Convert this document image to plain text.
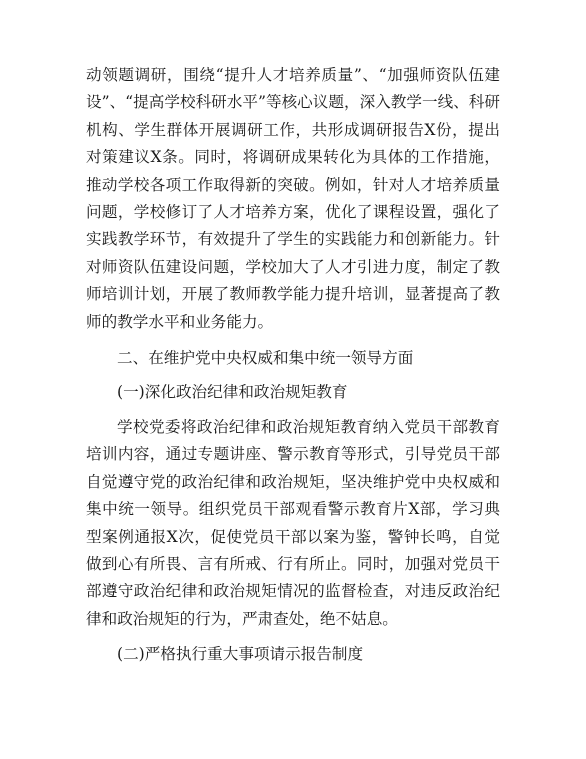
动领题调研，围绕“提升人才培养质量”、“加强师资队伍建设”、“提高学校科研水平”等核心议题，深入教学一线、科研机构、学生群体开展调研工作，共形成调研报告X份，提出对策建议X条。同时，将调研成果转化为具体的工作措施，推动学校各项工作取得新的突破。例如，针对人才培养质量问题，学校修订了人才培养方案，优化了课程设置，强化了实践教学环节，有效提升了学生的实践能力和创新能力。针对师资队伍建设问题，学校加大了人才引进力度，制定了教师培训计划，开展了教师教学能力提升培训，显著提高了教师的教学水平和业务能力。

二、在维护党中央权威和集中统一领导方面

(一)深化政治纪律和政治规矩教育

学校党委将政治纪律和政治规矩教育纳入党员干部教育培训内容，通过专题讲座、警示教育等形式，引导党员干部自觉遵守党的政治纪律和政治规矩，坚决维护党中央权威和集中统一领导。组织党员干部观看警示教育片X部，学习典型案例通报X次，促使党员干部以案为鉴，警钟长鸣，自觉做到心有所畏、言有所戒、行有所止。同时，加强对党员干部遵守政治纪律和政治规矩情况的监督检查，对违反政治纪律和政治规矩的行为，严肃查处，绝不姑息。

(二)严格执行重大事项请示报告制度
